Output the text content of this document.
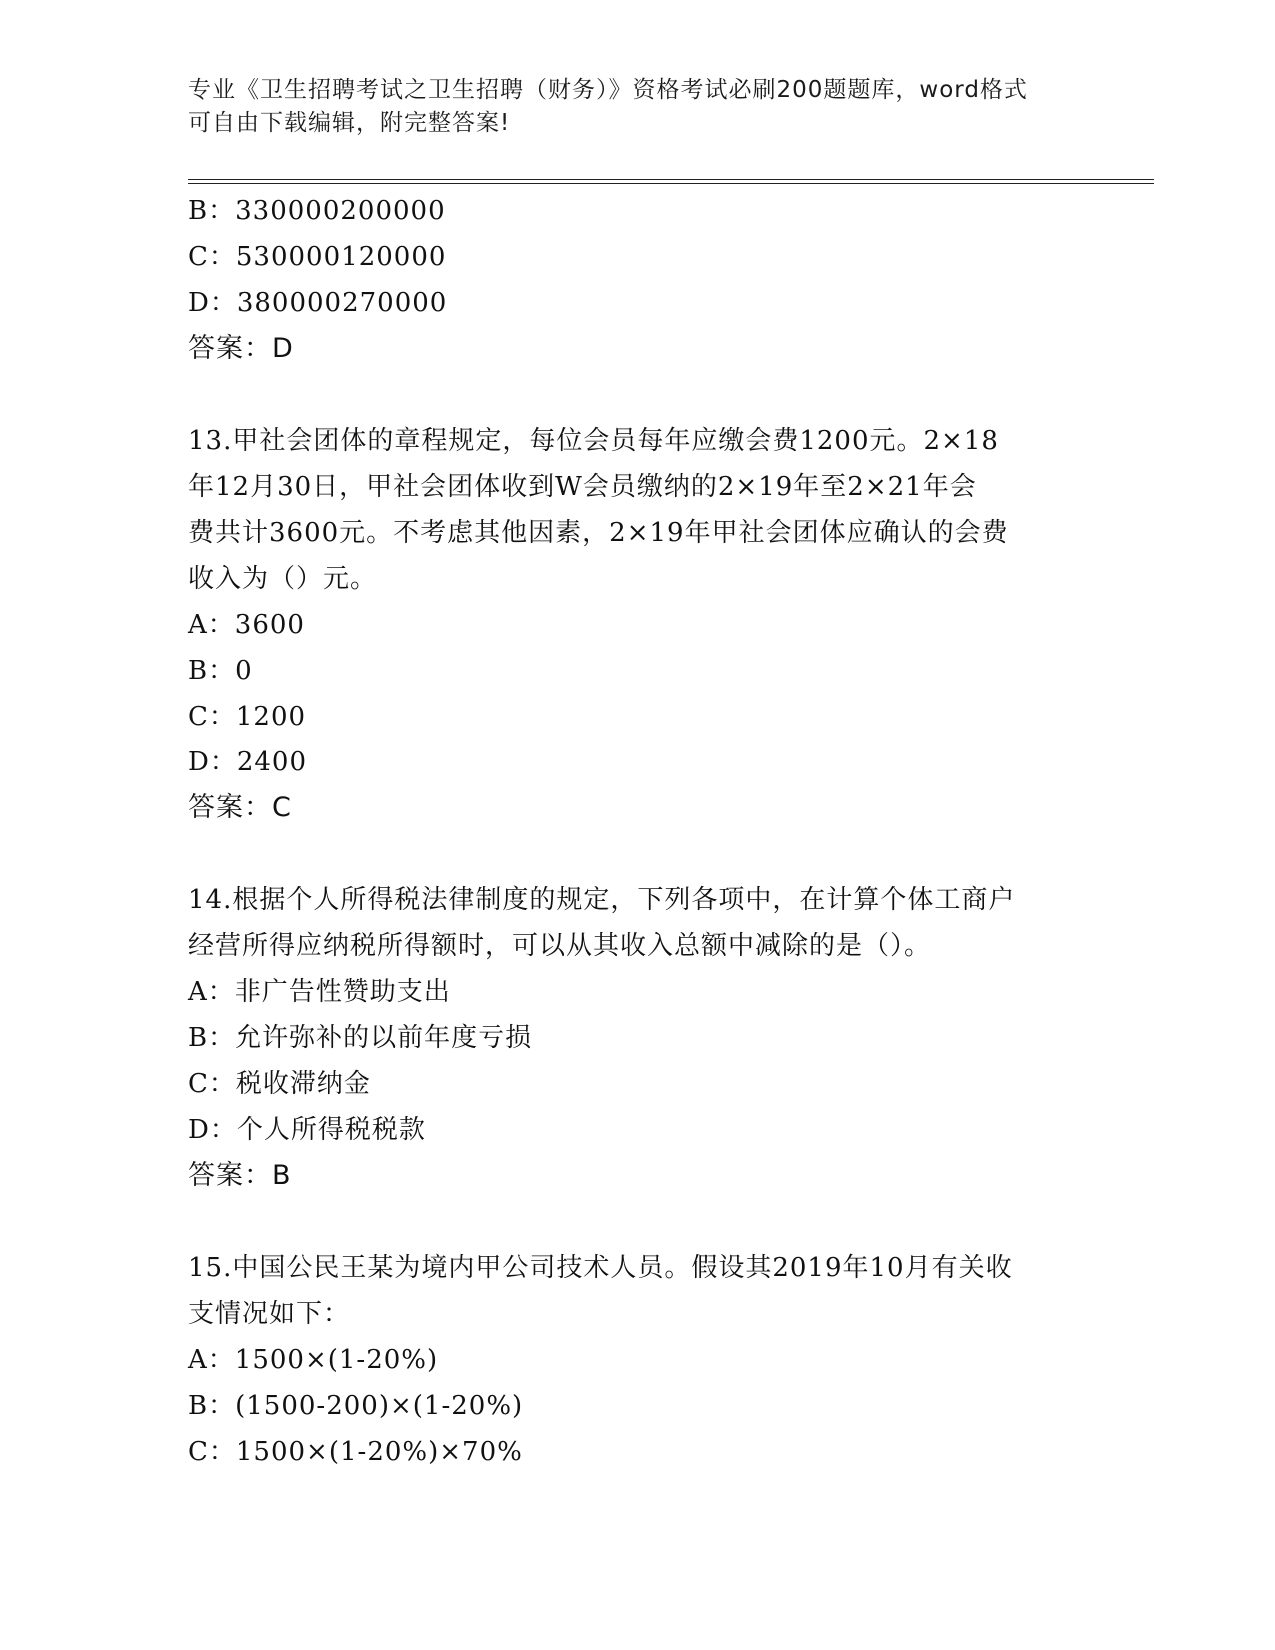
专业《卫生招聘考试之卫生招聘（财务）》资格考试必刷200题题库，word格式
可自由下载编辑，附完整答案!
B：330000200000
C：530000120000
D：380000270000
答案：D
13.甲社会团体的章程规定，每位会员每年应缴会费1200元。2×18
年12月30日，甲社会团体收到W会员缴纳的2×19年至2×21年会
费共计3600元。不考虑其他因素，2×19年甲社会团体应确认的会费
收入为（）元。
A：3600
B：0
C：1200
D：2400
答案：C
14.根据个人所得税法律制度的规定，下列各项中，在计算个体工商户
经营所得应纳税所得额时，可以从其收入总额中减除的是（）。
A：非广告性赞助支出
B：允许弥补的以前年度亏损
C：税收滞纳金
D：个人所得税税款
答案：B
15.中国公民王某为境内甲公司技术人员。假设其2019年10月有关收
支情况如下：
A：1500×(1-20%)
B：(1500-200)×(1-20%)
C：1500×(1-20%)×70%
